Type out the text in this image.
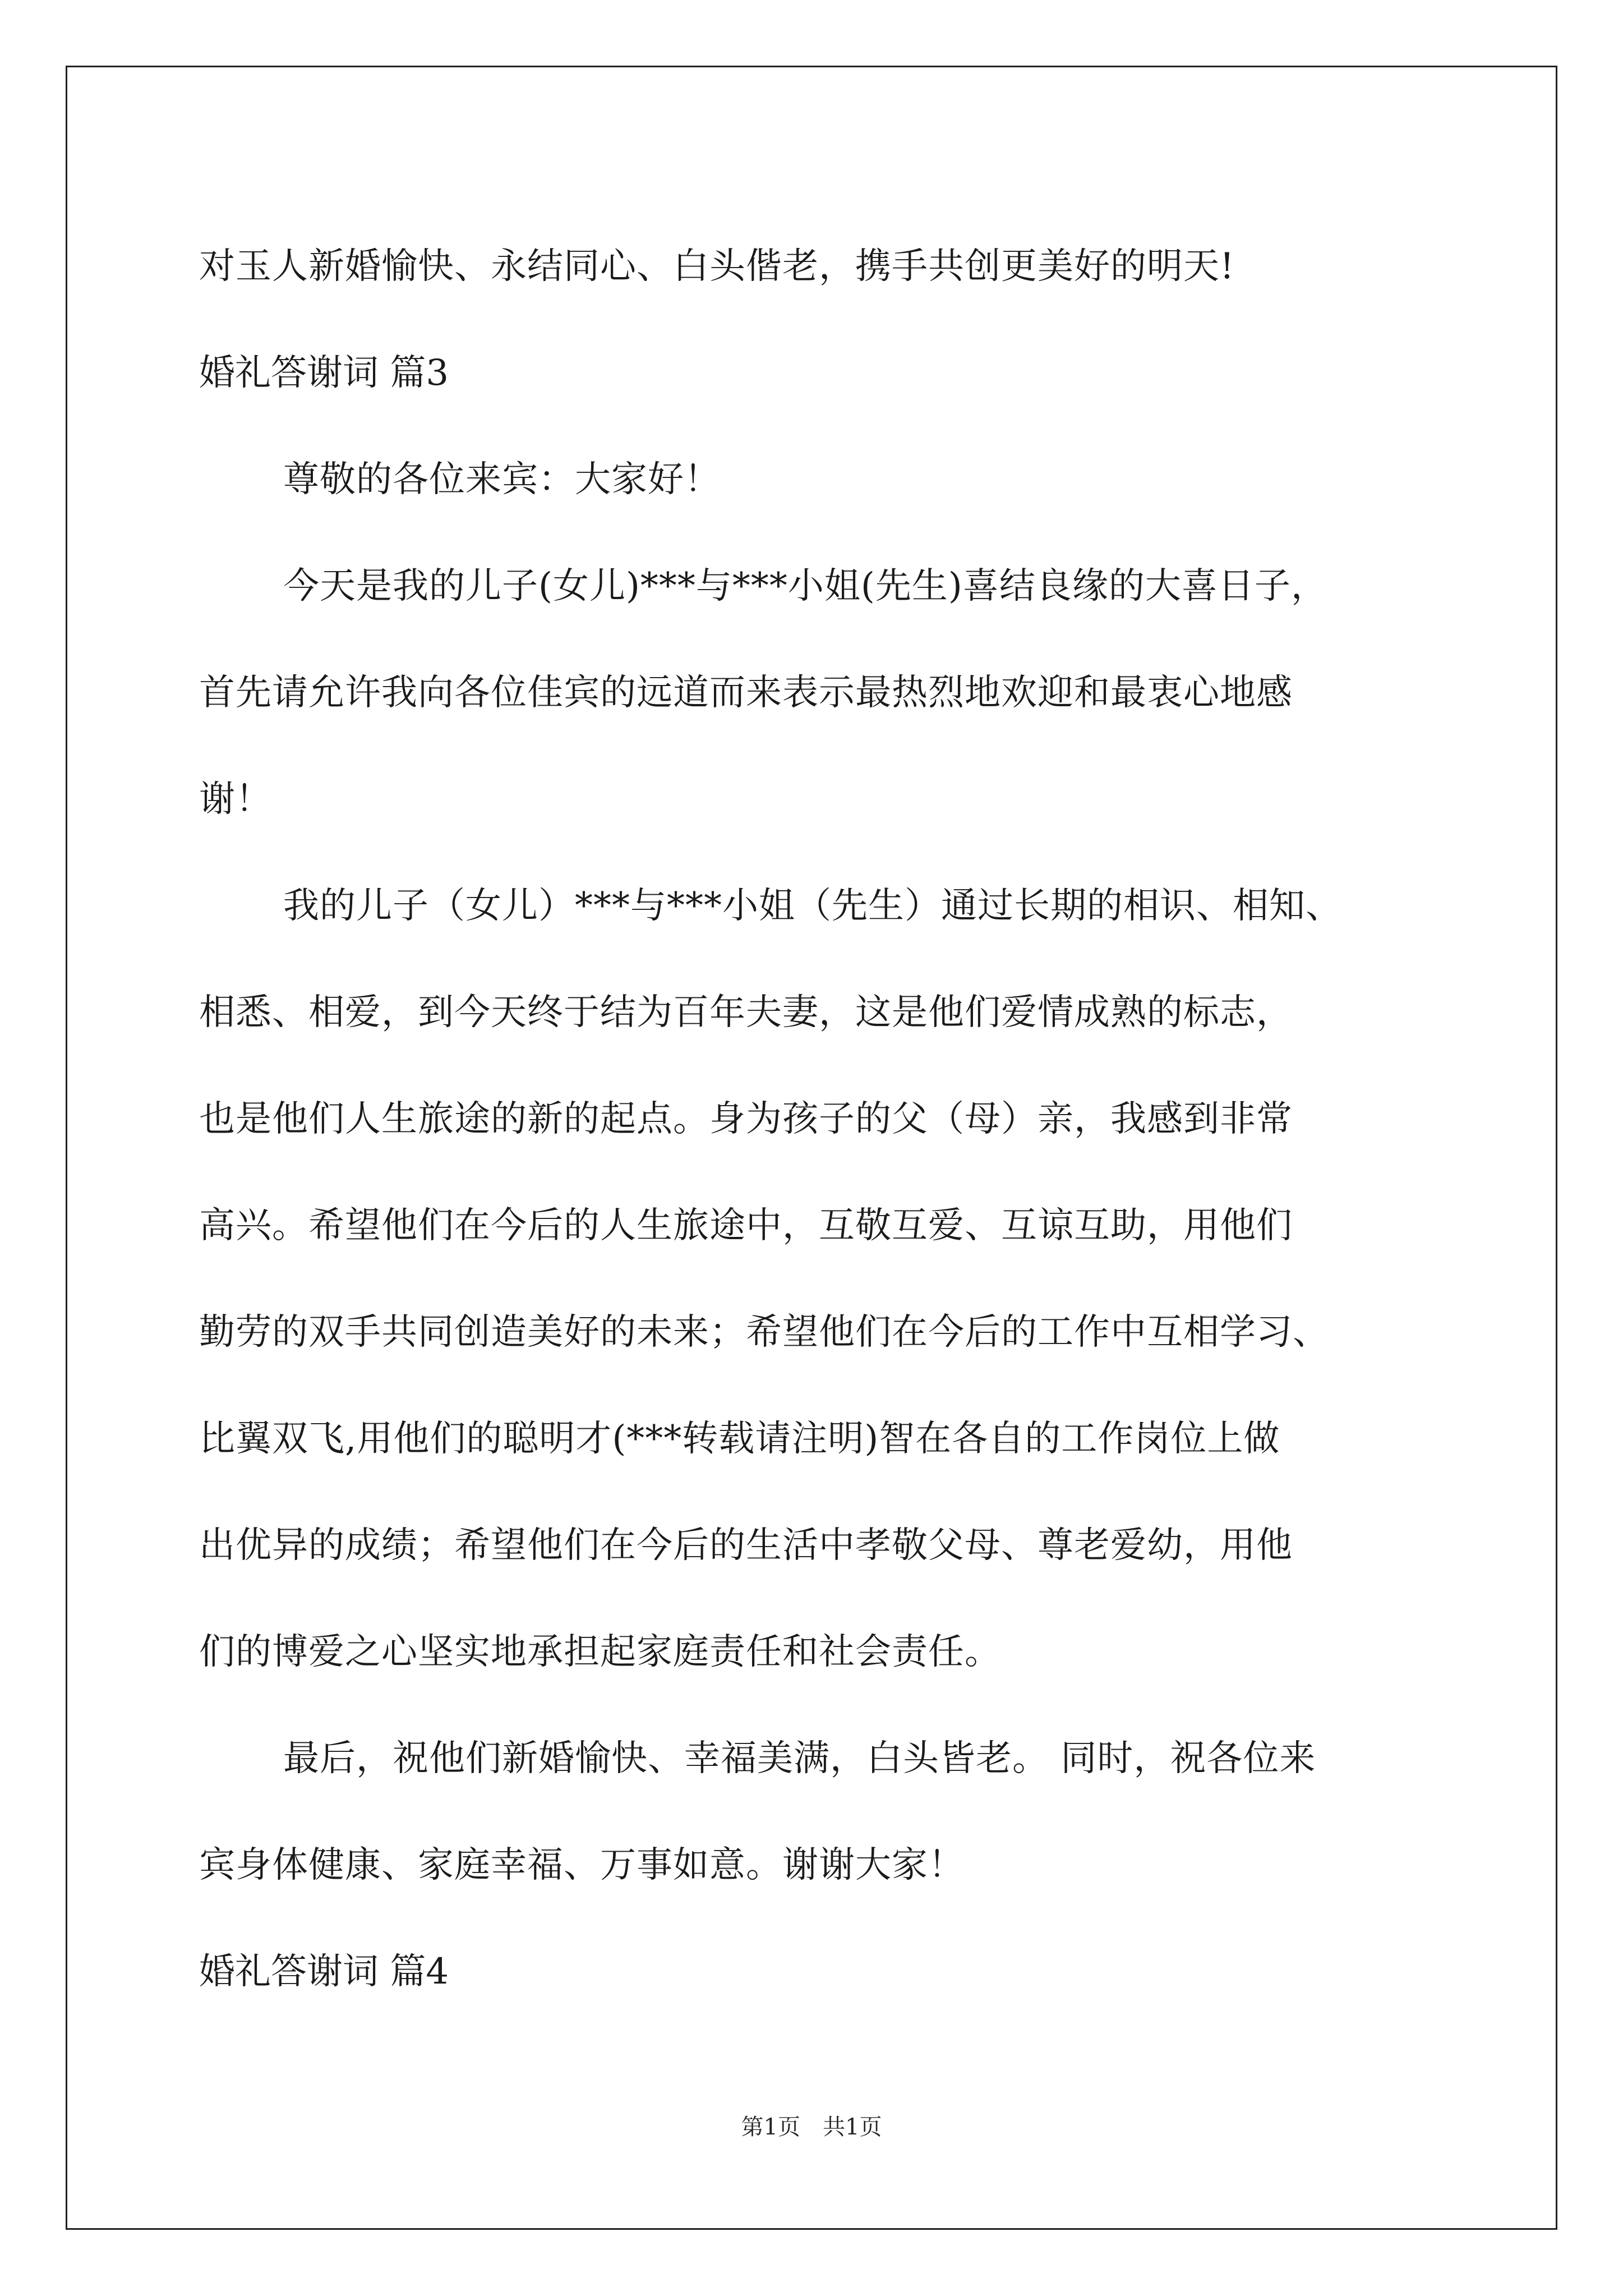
对玉人新婚愉快、永结同心、白头偕老，携手共创更美好的明天!
婚礼答谢词 篇3
尊敬的各位来宾：大家好！
今天是我的儿子(女儿)***与***小姐(先生)喜结良缘的大喜日子，
首先请允许我向各位佳宾的远道而来表示最热烈地欢迎和最衷心地感
谢！
我的儿子（女儿）***与***小姐（先生）通过长期的相识、相知、
相悉、相爱，到今天终于结为百年夫妻，这是他们爱情成熟的标志，
也是他们人生旅途的新的起点。身为孩子的父（母）亲，我感到非常
高兴。希望他们在今后的人生旅途中，互敬互爱、互谅互助，用他们
勤劳的双手共同创造美好的未来；希望他们在今后的工作中互相学习、
比翼双飞,用他们的聪明才(***转载请注明)智在各自的工作岗位上做
出优异的成绩；希望他们在今后的生活中孝敬父母、尊老爱幼，用他
们的博爱之心坚实地承担起家庭责任和社会责任。
最后，祝他们新婚愉快、幸福美满，白头皆老。 同时，祝各位来
宾身体健康、家庭幸福、万事如意。谢谢大家！
婚礼答谢词 篇4
第1页　共1页
